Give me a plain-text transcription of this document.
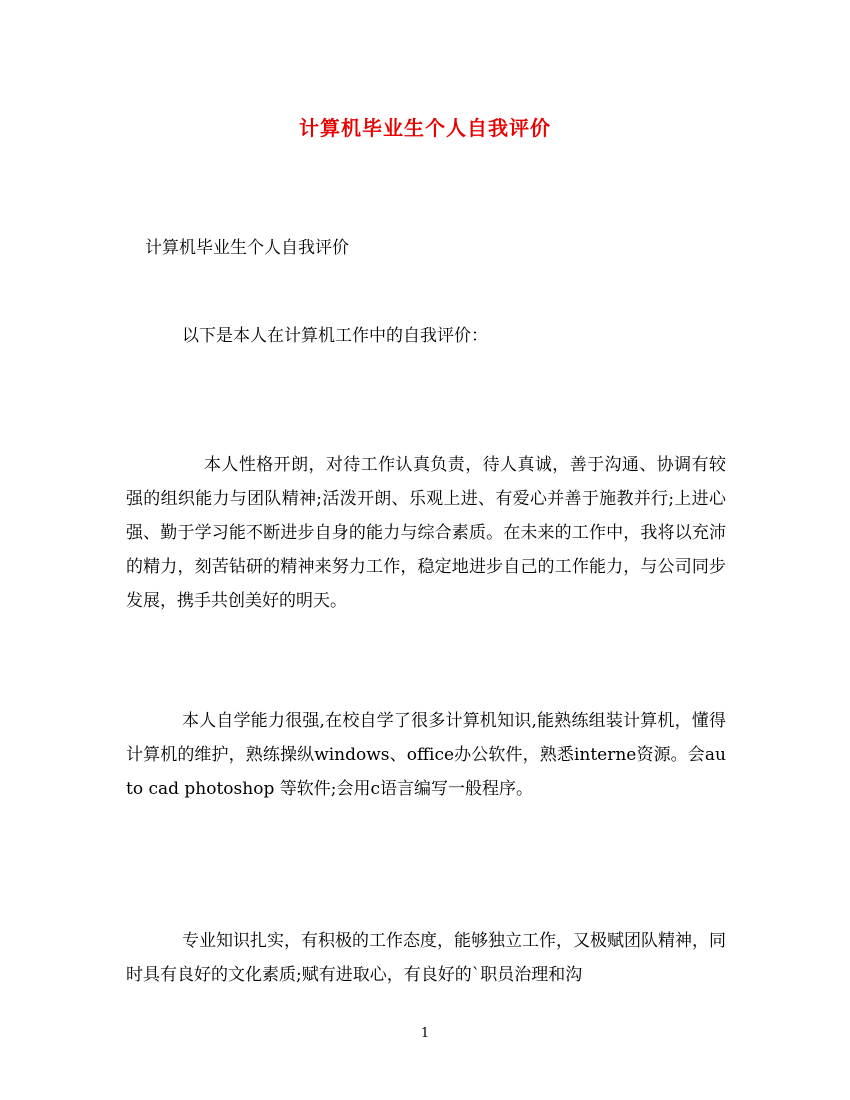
计算机毕业生个人自我评价
计算机毕业生个人自我评价
以下是本人在计算机工作中的自我评价：
本人性格开朗，对待工作认真负责，待人真诚，善于沟通、协调有较强的组织能力与团队精神;活泼开朗、乐观上进、有爱心并善于施教并行;上进心强、勤于学习能不断进步自身的能力与综合素质。在未来的工作中，我将以充沛的精力，刻苦钻研的精神来努力工作，稳定地进步自己的工作能力，与公司同步发展，携手共创美好的明天。
本人自学能力很强,在校自学了很多计算机知识,能熟练组装计算机，懂得计算机的维护，熟练操纵windows、office办公软件，熟悉interne资源。会auto cad photoshop 等软件;会用c语言编写一般程序。
专业知识扎实，有积极的工作态度，能够独立工作，又极赋团队精神，同时具有良好的文化素质;赋有进取心，有良好的`职员治理和沟
1
